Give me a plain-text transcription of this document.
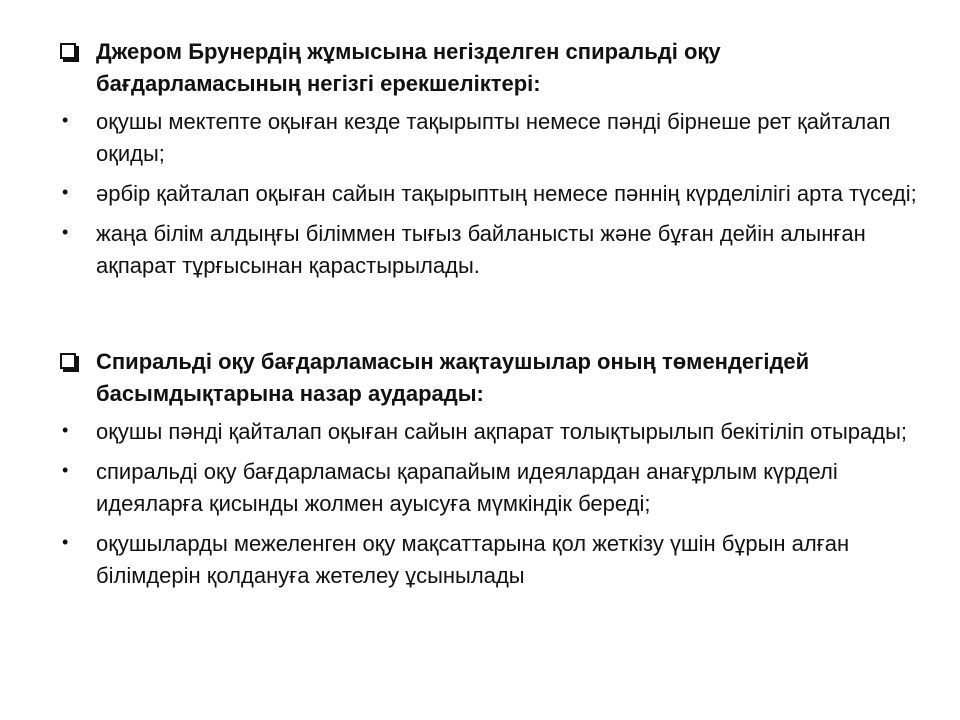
Джером Брунердің жұмысына негізделген спиральді оқу бағдарламасының негізгі ерекшеліктері:
• оқушы мектепте оқыған кезде тақырыпты немесе пәнді бірнеше рет қайталап оқиды;
• әрбір қайталап оқыған сайын тақырыптың немесе пәннің күрделілігі арта түседі;
• жаңа білім алдыңғы біліммен тығыз байланысты және бұған дейін алынған ақпарат тұрғысынан қарастырылады.
Спиральді оқу бағдарламасын жақтаушылар оның төмендегідей басымдықтарына назар аударады:
• оқушы пәнді қайталап оқыған сайын ақпарат толықтырылып бекітіліп отырады;
• спиральді оқу бағдарламасы қарапайым идеялардан анағұрлым күрделі идеяларға қисынды жолмен ауысуға мүмкіндік береді;
• оқушыларды межеленген оқу мақсаттарына қол жеткізу үшін бұрын алған білімдерін қолдануға жетелеу ұсынылады
